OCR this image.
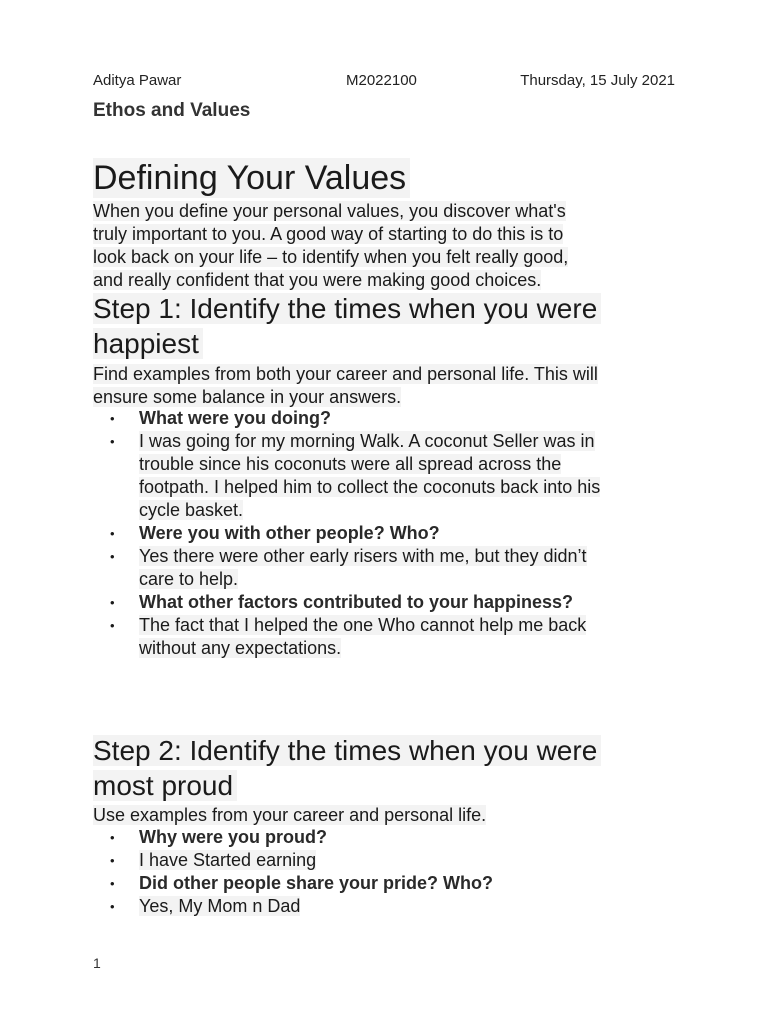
Aditya Pawar	M2022100	Thursday, 15 July 2021
Ethos and Values
Defining Your Values
When you define your personal values, you discover what's
truly important to you. A good way of starting to do this is to
look back on your life – to identify when you felt really good,
and really confident that you were making good choices.
Step 1: Identify the times when you were
happiest
Find examples from both your career and personal life. This will
ensure some balance in your answers.
• What were you doing?
• I was going for my morning Walk. A coconut Seller was in
trouble since his coconuts were all spread across the
footpath. I helped him to collect the coconuts back into his
cycle basket.
• Were you with other people? Who?
• Yes there were other early risers with me, but they didn’t
care to help.
• What other factors contributed to your happiness?
• The fact that I helped the one Who cannot help me back
without any expectations.
Step 2: Identify the times when you were
most proud
Use examples from your career and personal life.
• Why were you proud?
• I have Started earning
• Did other people share your pride? Who?
• Yes, My Mom n Dad
1
